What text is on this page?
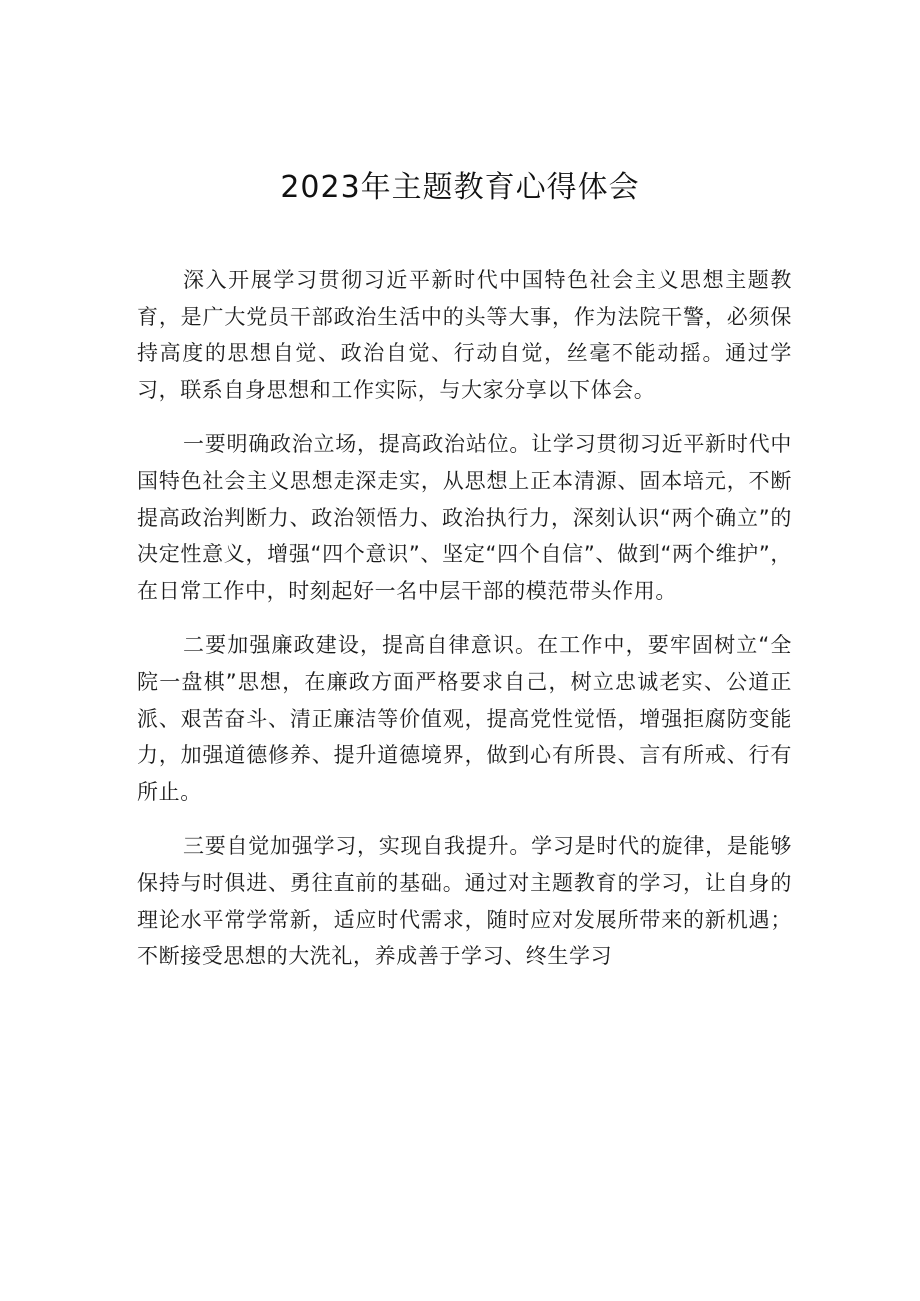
2023年主题教育心得体会

深入开展学习贯彻习近平新时代中国特色社会主义思想主题教育，是广大党员干部政治生活中的头等大事，作为法院干警，必须保持高度的思想自觉、政治自觉、行动自觉，丝毫不能动摇。通过学习，联系自身思想和工作实际，与大家分享以下体会。

一要明确政治立场，提高政治站位。让学习贯彻习近平新时代中国特色社会主义思想走深走实，从思想上正本清源、固本培元，不断提高政治判断力、政治领悟力、政治执行力，深刻认识“两个确立”的决定性意义，增强“四个意识”、坚定“四个自信”、做到“两个维护”，在日常工作中，时刻起好一名中层干部的模范带头作用。

二要加强廉政建设，提高自律意识。在工作中，要牢固树立“全院一盘棋”思想，在廉政方面严格要求自己，树立忠诚老实、公道正派、艰苦奋斗、清正廉洁等价值观，提高党性觉悟，增强拒腐防变能力，加强道德修养、提升道德境界，做到心有所畏、言有所戒、行有所止。

三要自觉加强学习，实现自我提升。学习是时代的旋律，是能够保持与时俱进、勇往直前的基础。通过对主题教育的学习，让自身的理论水平常学常新，适应时代需求，随时应对发展所带来的新机遇；不断接受思想的大洗礼，养成善于学习、终生学习
